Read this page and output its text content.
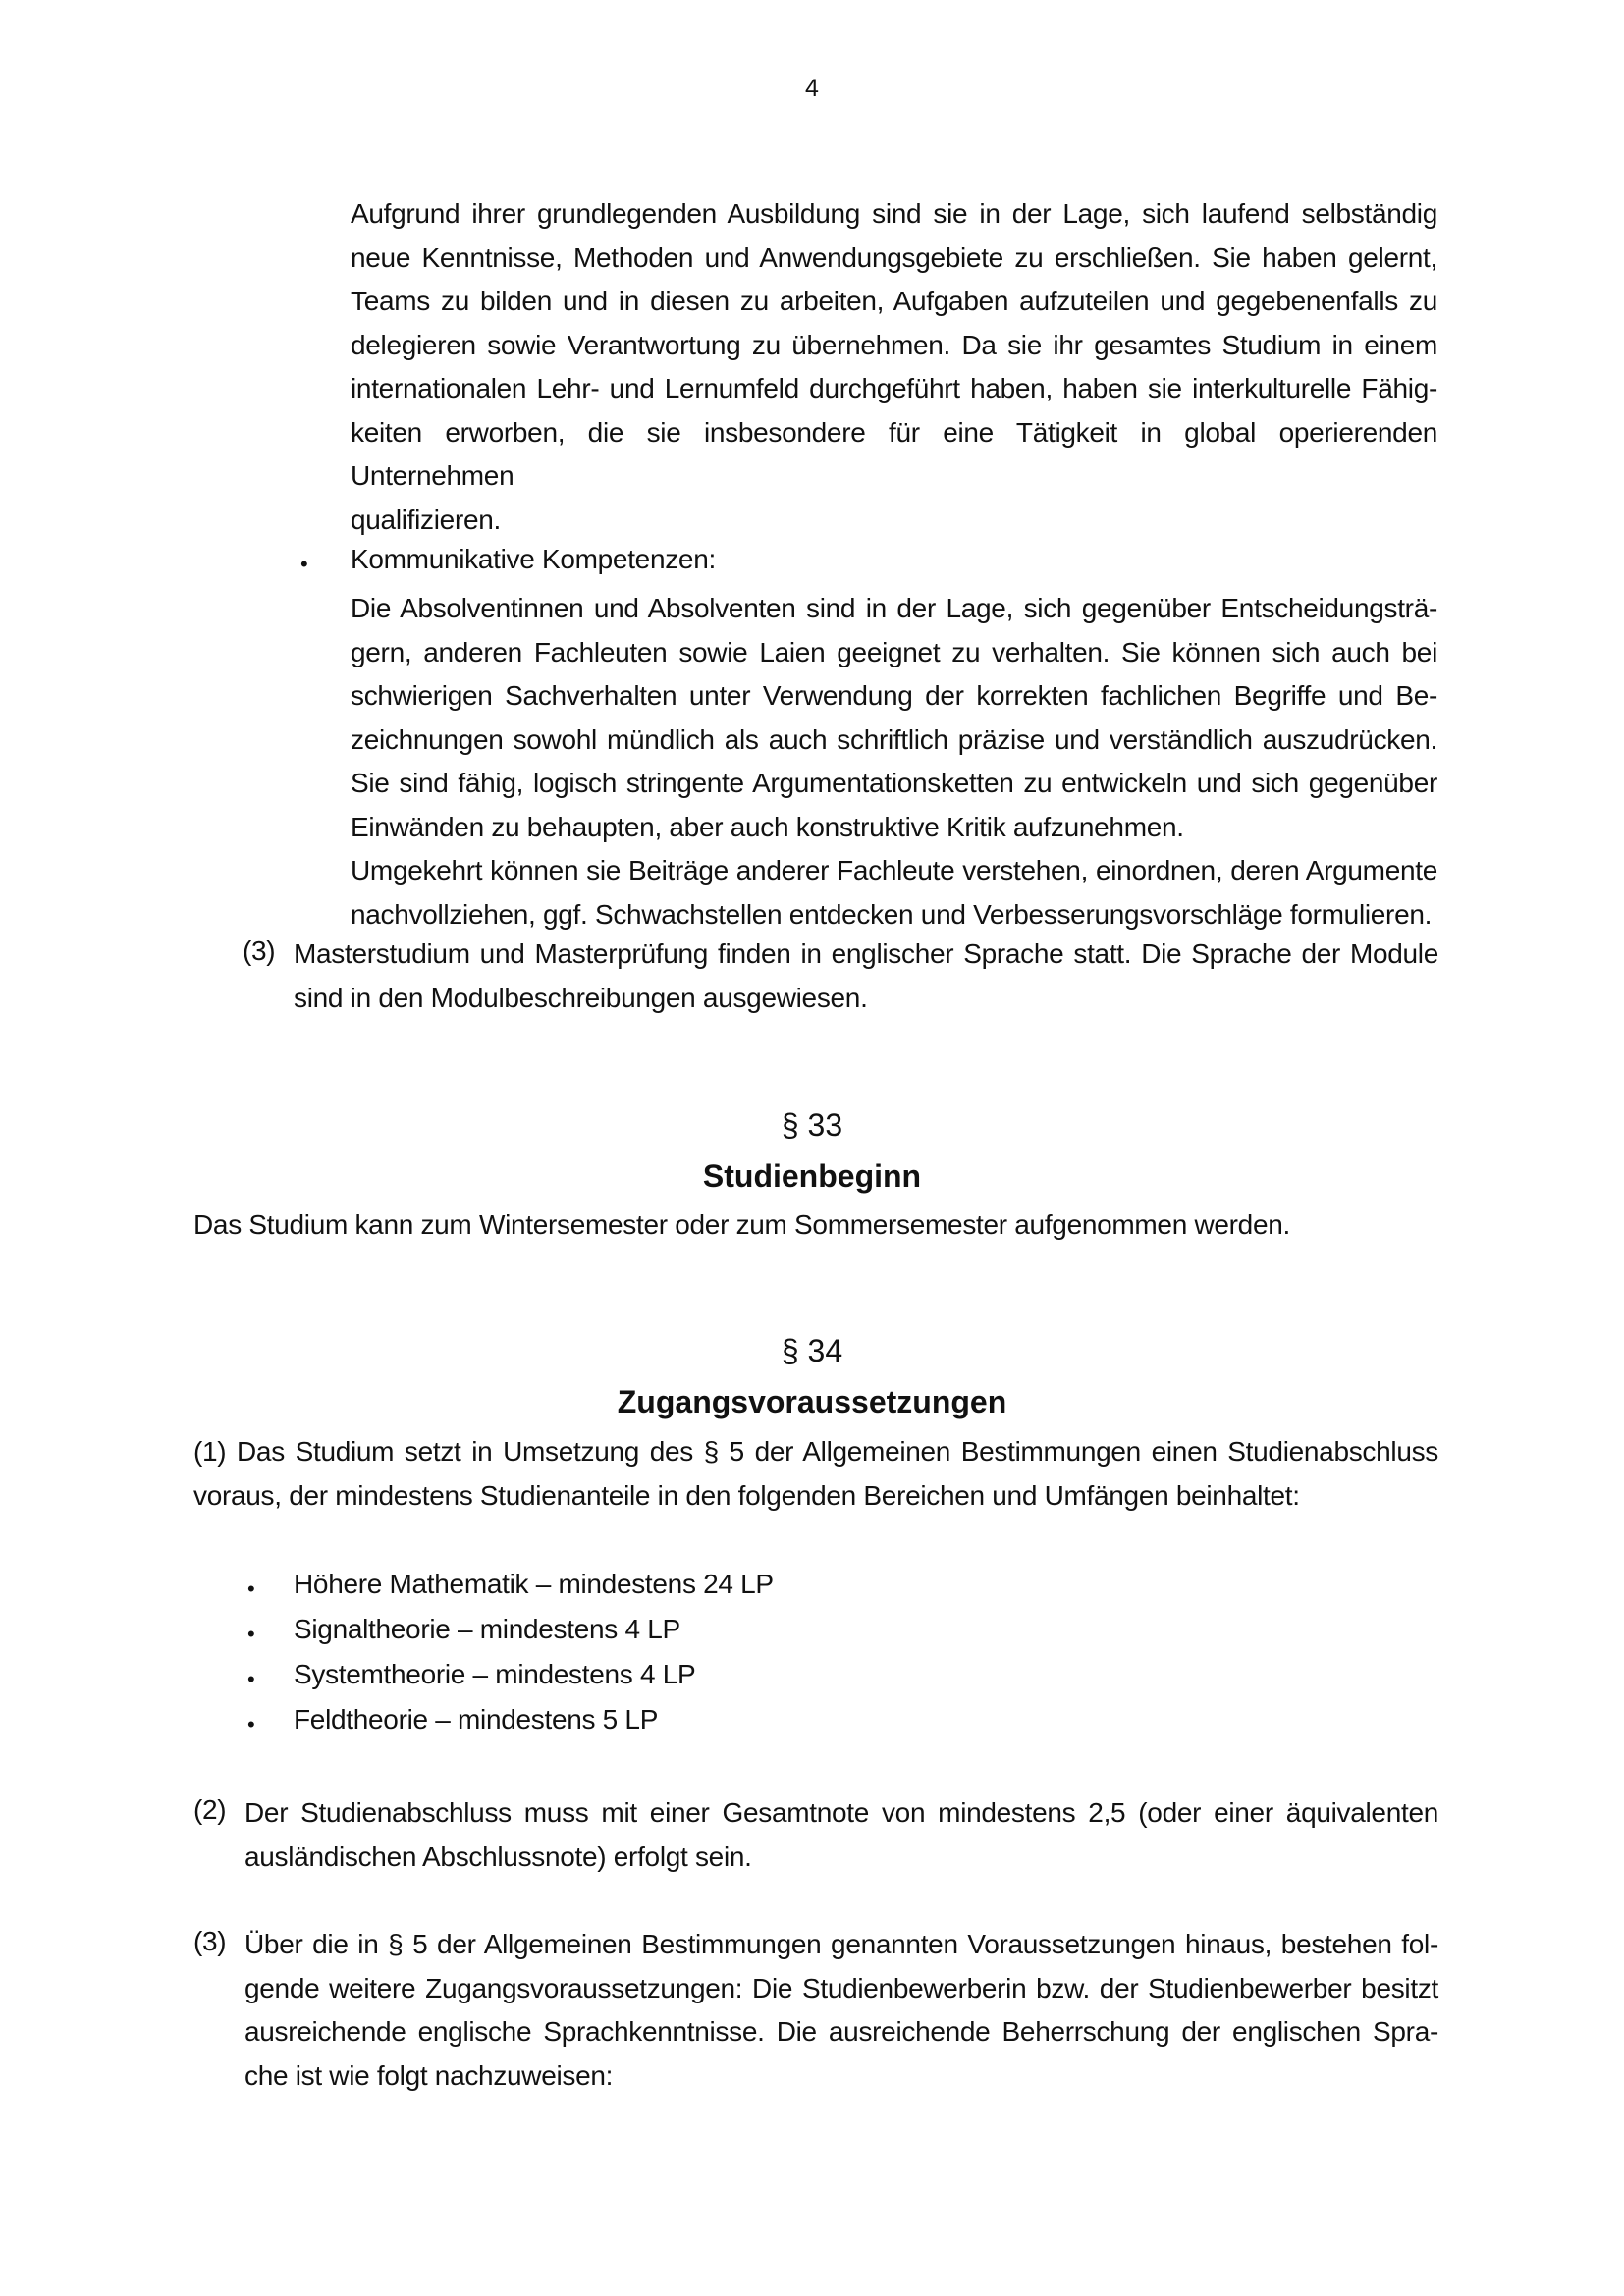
4
Aufgrund ihrer grundlegenden Ausbildung sind sie in der Lage, sich laufend selbständig
neue Kenntnisse, Methoden und Anwendungsgebiete zu erschließen. Sie haben gelernt,
Teams zu bilden und in diesen zu arbeiten, Aufgaben aufzuteilen und gegebenenfalls zu
delegieren sowie Verantwortung zu übernehmen. Da sie ihr gesamtes Studium in einem
internationalen Lehr- und Lernumfeld durchgeführt haben, haben sie interkulturelle Fähig-
keiten erworben, die sie insbesondere für eine Tätigkeit in global operierenden Unternehmen
qualifizieren.
• Kommunikative Kompetenzen:
Die Absolventinnen und Absolventen sind in der Lage, sich gegenüber Entscheidungsträ-
gern, anderen Fachleuten sowie Laien geeignet zu verhalten. Sie können sich auch bei
schwierigen Sachverhalten unter Verwendung der korrekten fachlichen Begriffe und Be-
zeichnungen sowohl mündlich als auch schriftlich präzise und verständlich auszudrücken.
Sie sind fähig, logisch stringente Argumentationsketten zu entwickeln und sich gegenüber
Einwänden zu behaupten, aber auch konstruktive Kritik aufzunehmen.
Umgekehrt können sie Beiträge anderer Fachleute verstehen, einordnen, deren Argumente
nachvollziehen, ggf. Schwachstellen entdecken und Verbesserungsvorschläge formulieren.
(3) Masterstudium und Masterprüfung finden in englischer Sprache statt. Die Sprache der Module
sind in den Modulbeschreibungen ausgewiesen.
§ 33
Studienbeginn
Das Studium kann zum Wintersemester oder zum Sommersemester aufgenommen werden.
§ 34
Zugangsvoraussetzungen
(1) Das Studium setzt in Umsetzung des § 5 der Allgemeinen Bestimmungen einen Studienabschluss
voraus, der mindestens Studienanteile in den folgenden Bereichen und Umfängen beinhaltet:
• Höhere Mathematik – mindestens 24 LP
• Signaltheorie – mindestens 4 LP
• Systemtheorie – mindestens 4 LP
• Feldtheorie – mindestens 5 LP
(2) Der Studienabschluss muss mit einer Gesamtnote von mindestens 2,5 (oder einer äquivalenten
ausländischen Abschlussnote) erfolgt sein.
(3) Über die in § 5 der Allgemeinen Bestimmungen genannten Voraussetzungen hinaus, bestehen fol-
gende weitere Zugangsvoraussetzungen: Die Studienbewerberin bzw. der Studienbewerber besitzt
ausreichende englische Sprachkenntnisse. Die ausreichende Beherrschung der englischen Spra-
che ist wie folgt nachzuweisen:
